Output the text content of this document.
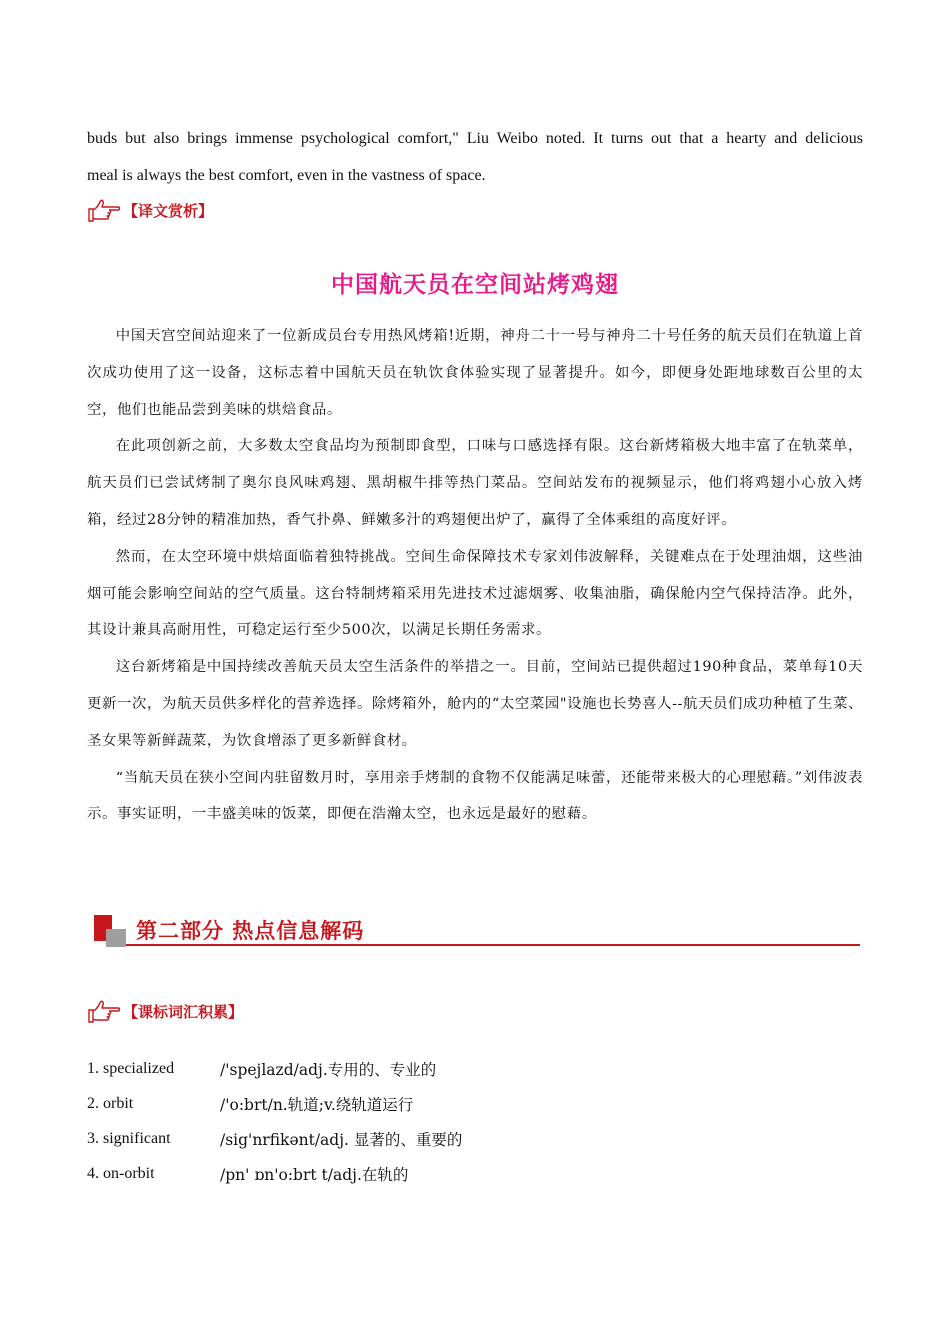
buds but also brings immense psychological comfort," Liu Weibo noted. It turns out that a hearty and delicious
meal is always the best comfort, even in the vastness of space.
【译文赏析】
中国航天员在空间站烤鸡翅

中国天宫空间站迎来了一位新成员台专用热风烤箱!近期，神舟二十一号与神舟二十号任务的航天员们在轨道上首次成功使用了这一设备，这标志着中国航天员在轨饮食体验实现了显著提升。如今，即便身处距地球数百公里的太空，他们也能品尝到美味的烘焙食品。

在此项创新之前，大多数太空食品均为预制即食型，口味与口感选择有限。这台新烤箱极大地丰富了在轨菜单，航天员们已尝试烤制了奥尔良风味鸡翅、黑胡椒牛排等热门菜品。空间站发布的视频显示，他们将鸡翅小心放入烤箱，经过28分钟的精准加热，香气扑鼻、鲜嫩多汁的鸡翅便出炉了，赢得了全体乘组的高度好评。

然而，在太空环境中烘焙面临着独特挑战。空间生命保障技术专家刘伟波解释，关键难点在于处理油烟，这些油烟可能会影响空间站的空气质量。这台特制烤箱采用先进技术过滤烟雾、收集油脂，确保舱内空气保持洁净。此外，其设计兼具高耐用性，可稳定运行至少500次，以满足长期任务需求。

这台新烤箱是中国持续改善航天员太空生活条件的举措之一。目前，空间站已提供超过190种食品，菜单每10天更新一次，为航天员供多样化的营养选择。除烤箱外，舱内的“太空菜园"设施也长势喜人--航天员们成功种植了生菜、圣女果等新鲜蔬菜，为饮食增添了更多新鲜食材。

“当航天员在狭小空间内驻留数月时，享用亲手烤制的食物不仅能满足味蕾，还能带来极大的心理慰藉。”刘伟波表示。事实证明，一丰盛美味的饭菜，即便在浩瀚太空，也永远是最好的慰藉。

第二部分 热点信息解码
【课标词汇积累】
1. specialized	/'spejlazd/adj.专用的、专业的
2. orbit	/'o:brt/n.轨道;v.绕轨道运行
3. significant	/sig'nrfikənt/adj. 显著的、重要的
4. on-orbit	/pn' ɒn'o:brt t/adj.在轨的
